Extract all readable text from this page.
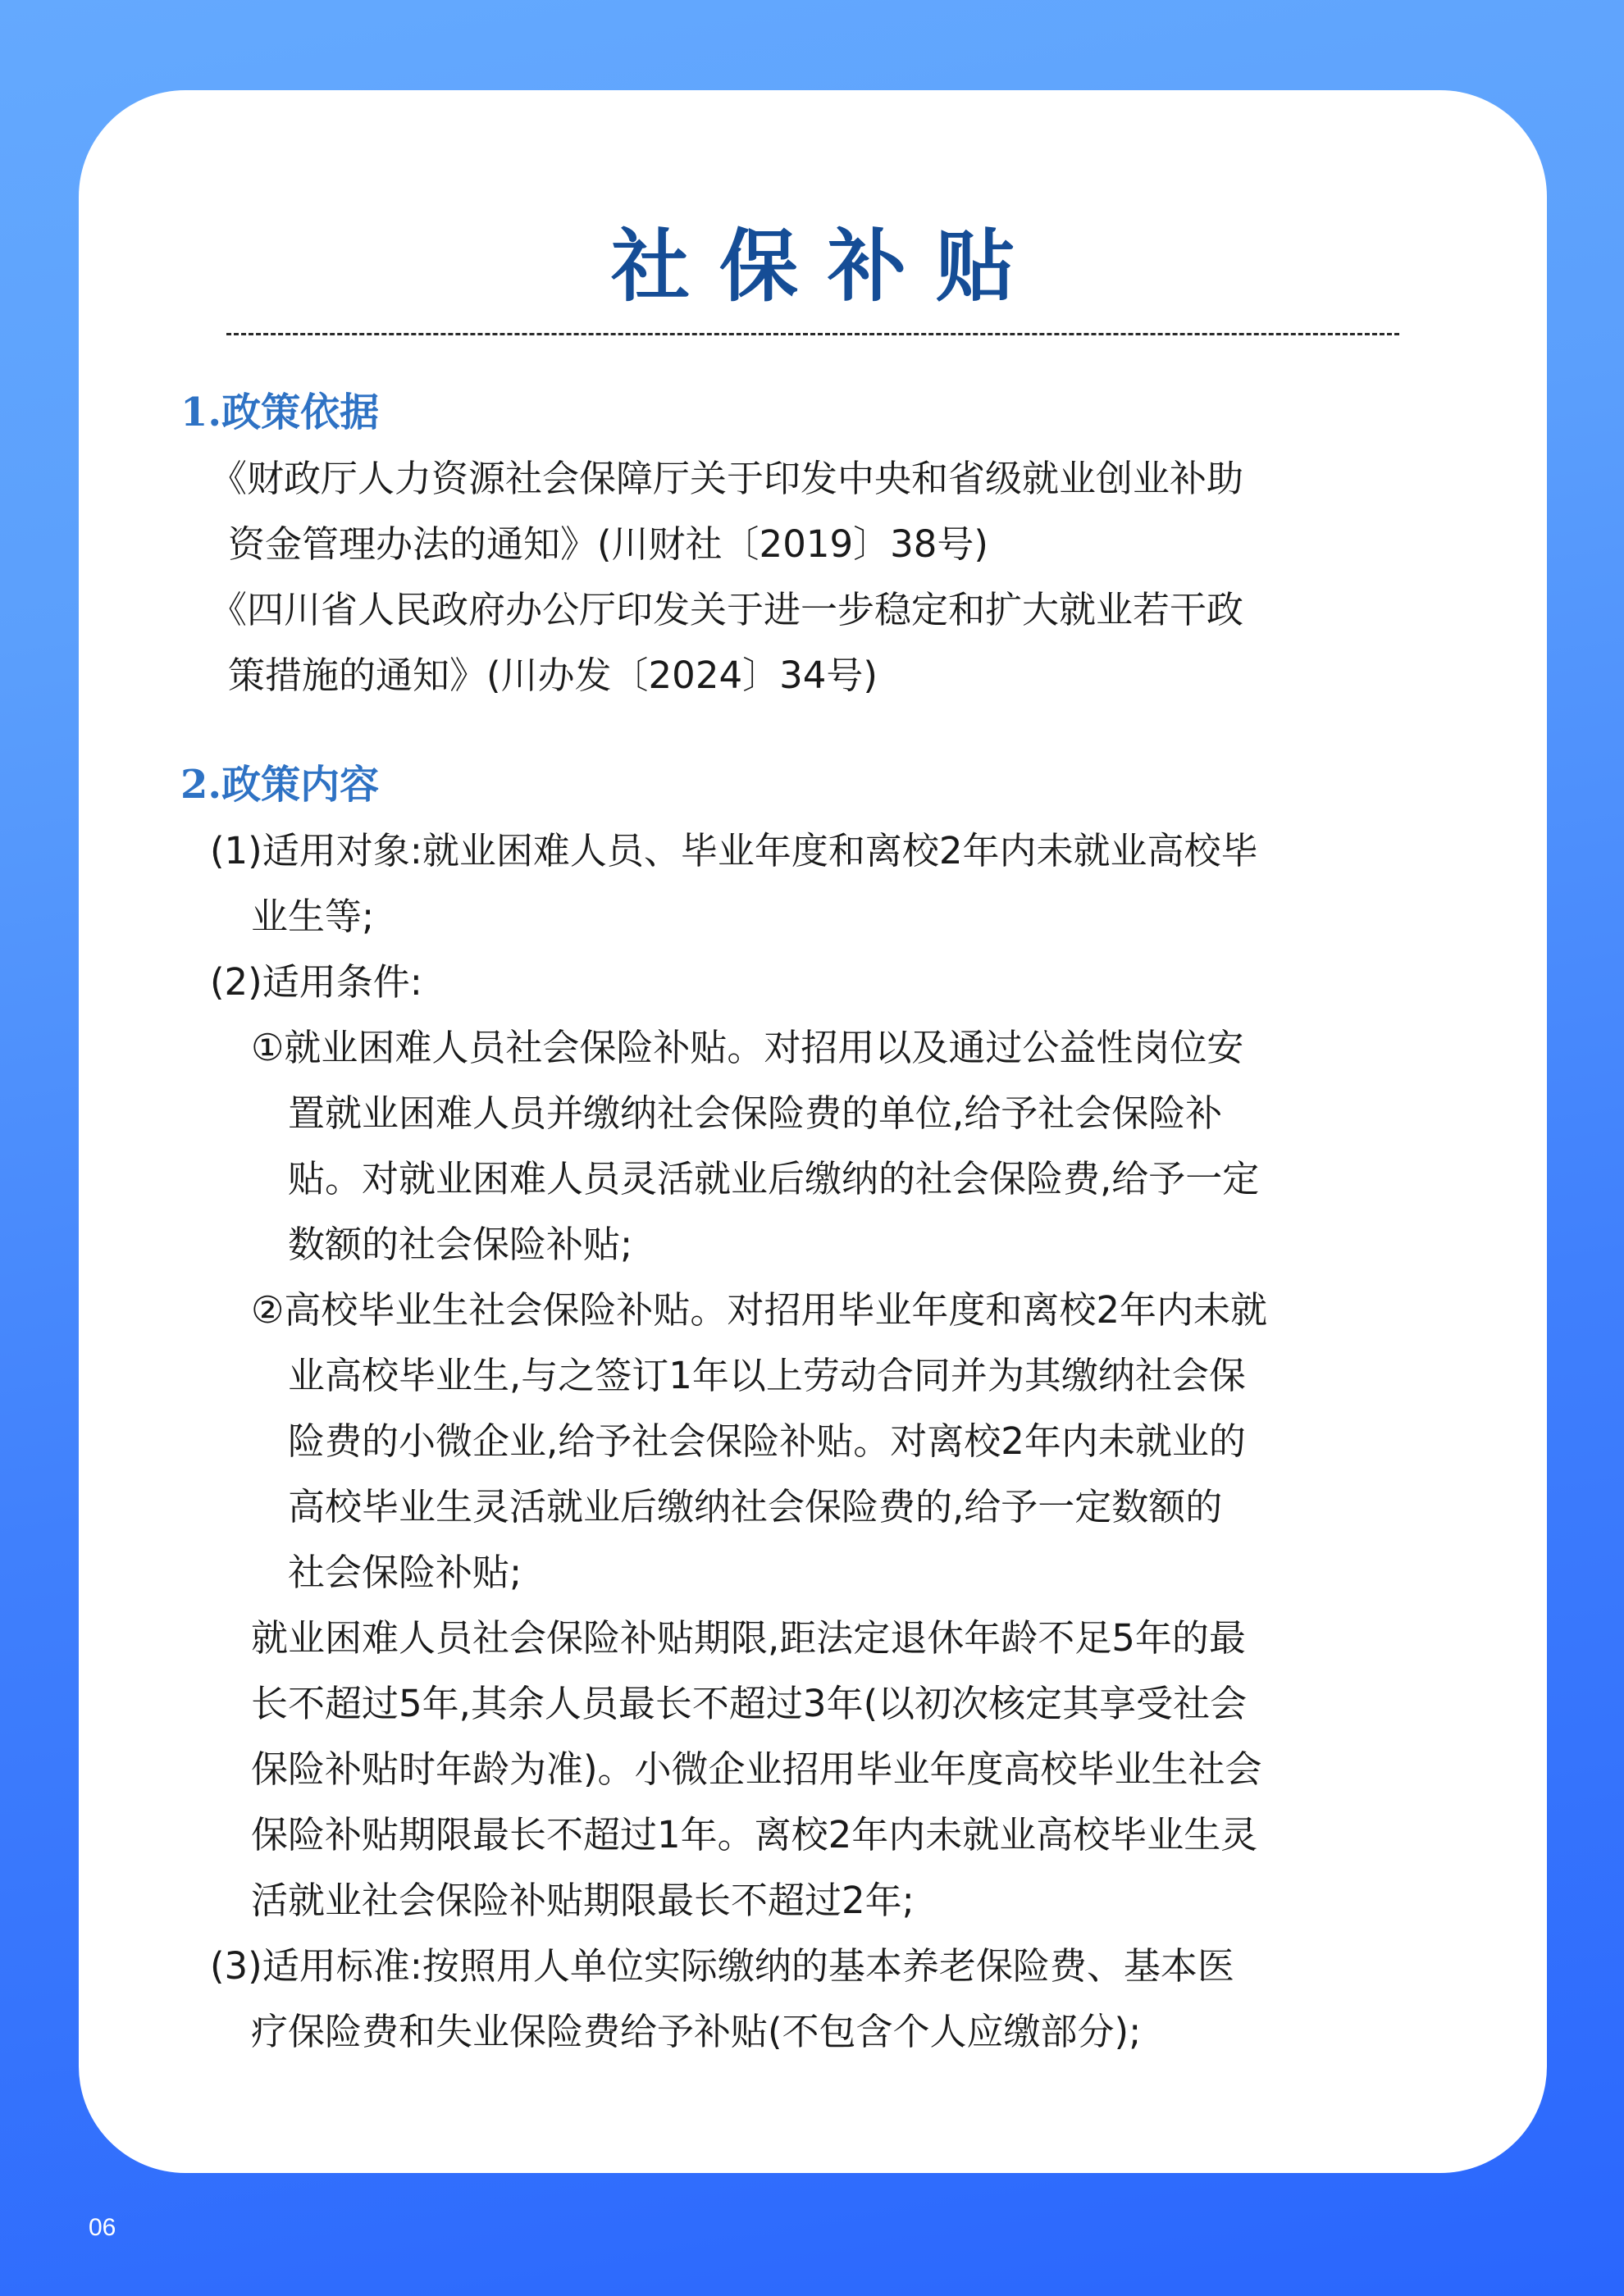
社保补贴
1.政策依据
《财政厅人力资源社会保障厅关于印发中央和省级就业创业补助
资金管理办法的通知》(川财社〔2019〕38号)
《四川省人民政府办公厅印发关于进一步稳定和扩大就业若干政
策措施的通知》(川办发〔2024〕34号)
2.政策内容
(1)适用对象:就业困难人员、毕业年度和离校2年内未就业高校毕
业生等;
(2)适用条件:
①就业困难人员社会保险补贴。对招用以及通过公益性岗位安
置就业困难人员并缴纳社会保险费的单位,给予社会保险补
贴。对就业困难人员灵活就业后缴纳的社会保险费,给予一定
数额的社会保险补贴;
②高校毕业生社会保险补贴。对招用毕业年度和离校2年内未就
业高校毕业生,与之签订1年以上劳动合同并为其缴纳社会保
险费的小微企业,给予社会保险补贴。对离校2年内未就业的
高校毕业生灵活就业后缴纳社会保险费的,给予一定数额的
社会保险补贴;
就业困难人员社会保险补贴期限,距法定退休年龄不足5年的最
长不超过5年,其余人员最长不超过3年(以初次核定其享受社会
保险补贴时年龄为准)。小微企业招用毕业年度高校毕业生社会
保险补贴期限最长不超过1年。离校2年内未就业高校毕业生灵
活就业社会保险补贴期限最长不超过2年;
(3)适用标准:按照用人单位实际缴纳的基本养老保险费、基本医
疗保险费和失业保险费给予补贴(不包含个人应缴部分);
06
